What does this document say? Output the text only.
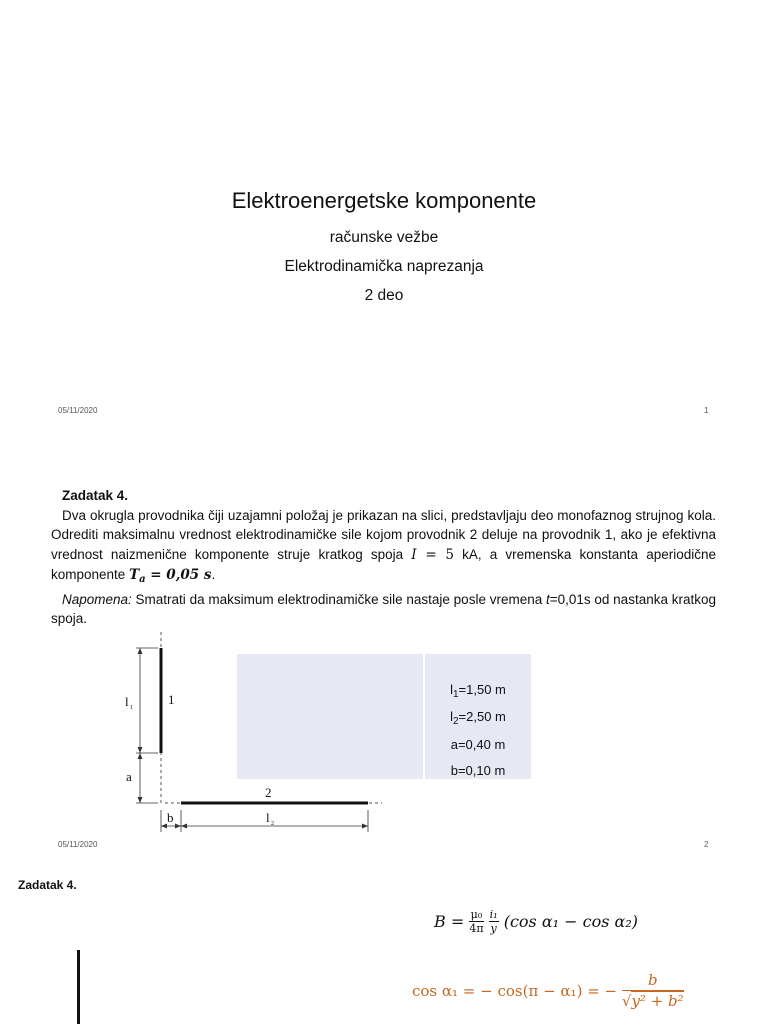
Elektroenergetske komponente
računske vežbe
Elektrodinamička naprezanja
2 deo
05/11/2020	1

Zadatak 4.

Dva okrugla provodnika čiji uzajamni položaj je prikazan na slici, predstavljaju deo monofaznog strujnog kola. Odrediti maksimalnu vrednost elektrodinamičke sile kojom provodnik 2 deluje na provodnik 1, ako je efektivna vrednost naizmenične komponente struje kratkog spoja I = 5 kA, a vremenska konstanta aperiodične komponente $T_a = 0,05$ s.

Napomena: Smatrati da maksimum elektrodinamičke sile nastaje posle vremena t=0,01s od nastanka kratkog spoja.

l 1
1
a
2
b	l 2
$l_1=1,50$ m
$l_2=2,50$ m
a=0,40 m
b=0,10 m
05/11/2020	2
Zadatak 4.
$B = \frac{\text{μ₀}}{4\pi}$
$\frac{\text{i₁}}{y} (\cos$ α₁ − cos α₂)
cos α₁ = − cos(π − α₁) = − $\frac{b}{\text{√y² + b²}}$
